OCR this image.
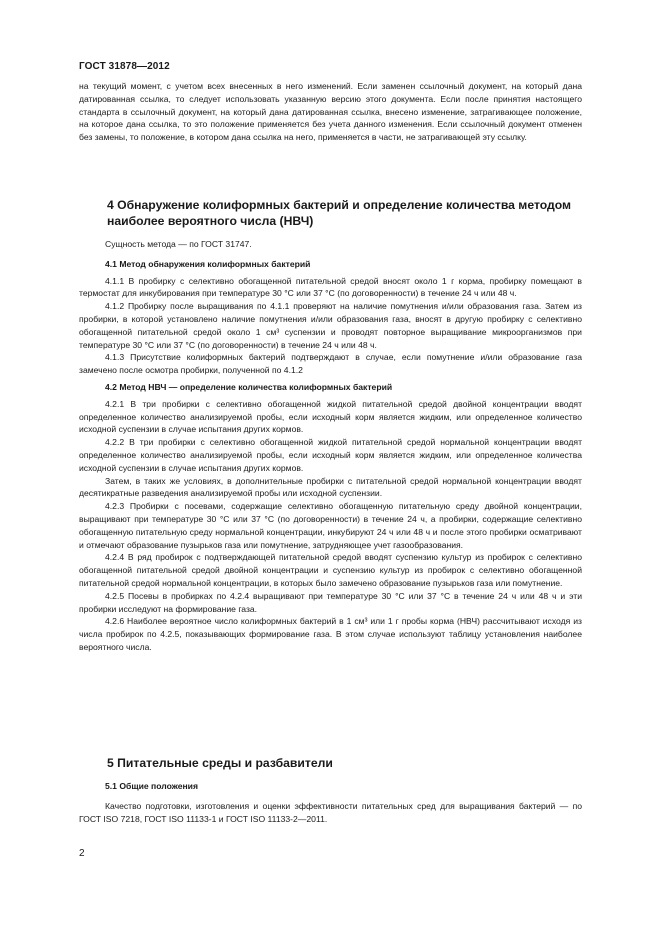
ГОСТ 31878—2012

на текущий момент, с учетом всех внесенных в него изменений. Если заменен ссылочный документ, на который дана датированная ссылка, то следует использовать указанную версию этого документа. Если после принятия настоящего стандарта в ссылочный документ, на который дана датированная ссылка, внесено изменение, затрагивающее положение, на которое дана ссылка, то это положение применяется без учета данного изменения. Если ссылочный документ отменен без замены, то положение, в котором дана ссылка на него, применяется в части, не затрагивающей эту ссылку.

4 Обнаружение колиформных бактерий и определение количества методом наиболее вероятного числа (НВЧ)

Сущность метода — по ГОСТ 31747.

4.1 Метод обнаружения колиформных бактерий

4.1.1 В пробирку с селективно обогащенной питательной средой вносят около 1 г корма, пробирку помещают в термостат для инкубирования при температуре 30 °С или 37 °С (по договоренности) в течение 24 ч или 48 ч.

4.1.2 Пробирку после выращивания по 4.1.1 проверяют на наличие помутнения и/или образования газа. Затем из пробирки, в которой установлено наличие помутнения и/или образования газа, вносят в другую пробирку с селективно обогащенной питательной средой около 1 см³ суспензии и проводят повторное выращивание микроорганизмов при температуре 30 °С или 37 °С (по договоренности) в течение 24 ч или 48 ч.

4.1.3 Присутствие колиформных бактерий подтверждают в случае, если помутнение и/или образование газа замечено после осмотра пробирки, полученной по 4.1.2

4.2 Метод НВЧ — определение количества колиформных бактерий

4.2.1 В три пробирки с селективно обогащенной жидкой питательной средой двойной концентрации вводят определенное количество анализируемой пробы, если исходный корм является жидким, или определенное количество исходной суспензии в случае испытания других кормов.

4.2.2 В три пробирки с селективно обогащенной жидкой питательной средой нормальной концентрации вводят определенное количество анализируемой пробы, если исходный корм является жидким, или определенное количества исходной суспензии в случае испытания других кормов.

Затем, в таких же условиях, в дополнительные пробирки с питательной средой нормальной концентрации вводят десятикратные разведения анализируемой пробы или исходной суспензии.

4.2.3 Пробирки с посевами, содержащие селективно обогащенную питательную среду двойной концентрации, выращивают при температуре 30 °С или 37 °С (по договоренности) в течение 24 ч, а пробирки, содержащие селективно обогащенную питательную среду нормальной концентрации, инкубируют 24 ч или 48 ч и после этого пробирки осматривают и отмечают образование пузырьков газа или помутнение, затрудняющее учет газообразования.

4.2.4 В ряд пробирок с подтверждающей питательной средой вводят суспензию культур из пробирок с селективно обогащенной питательной средой двойной концентрации и суспензию культур из пробирок с селективно обогащенной питательной средой нормальной концентрации, в которых было замечено образование пузырьков газа или помутнение.

4.2.5 Посевы в пробирках по 4.2.4 выращивают при температуре 30 °С или 37 °С в течение 24 ч или 48 ч и эти пробирки исследуют на формирование газа.

4.2.6 Наиболее вероятное число колиформных бактерий в 1 см³ или 1 г пробы корма (НВЧ) рассчитывают исходя из числа пробирок по 4.2.5, показывающих формирование газа. В этом случае используют таблицу установления наиболее вероятного числа.

5 Питательные среды и разбавители
5.1 Общие положения

Качество подготовки, изготовления и оценки эффективности питательных сред для выращивания бактерий — по ГОСТ ISO 7218, ГОСТ ISO 11133-1 и ГОСТ ISO 11133-2—2011.

2
